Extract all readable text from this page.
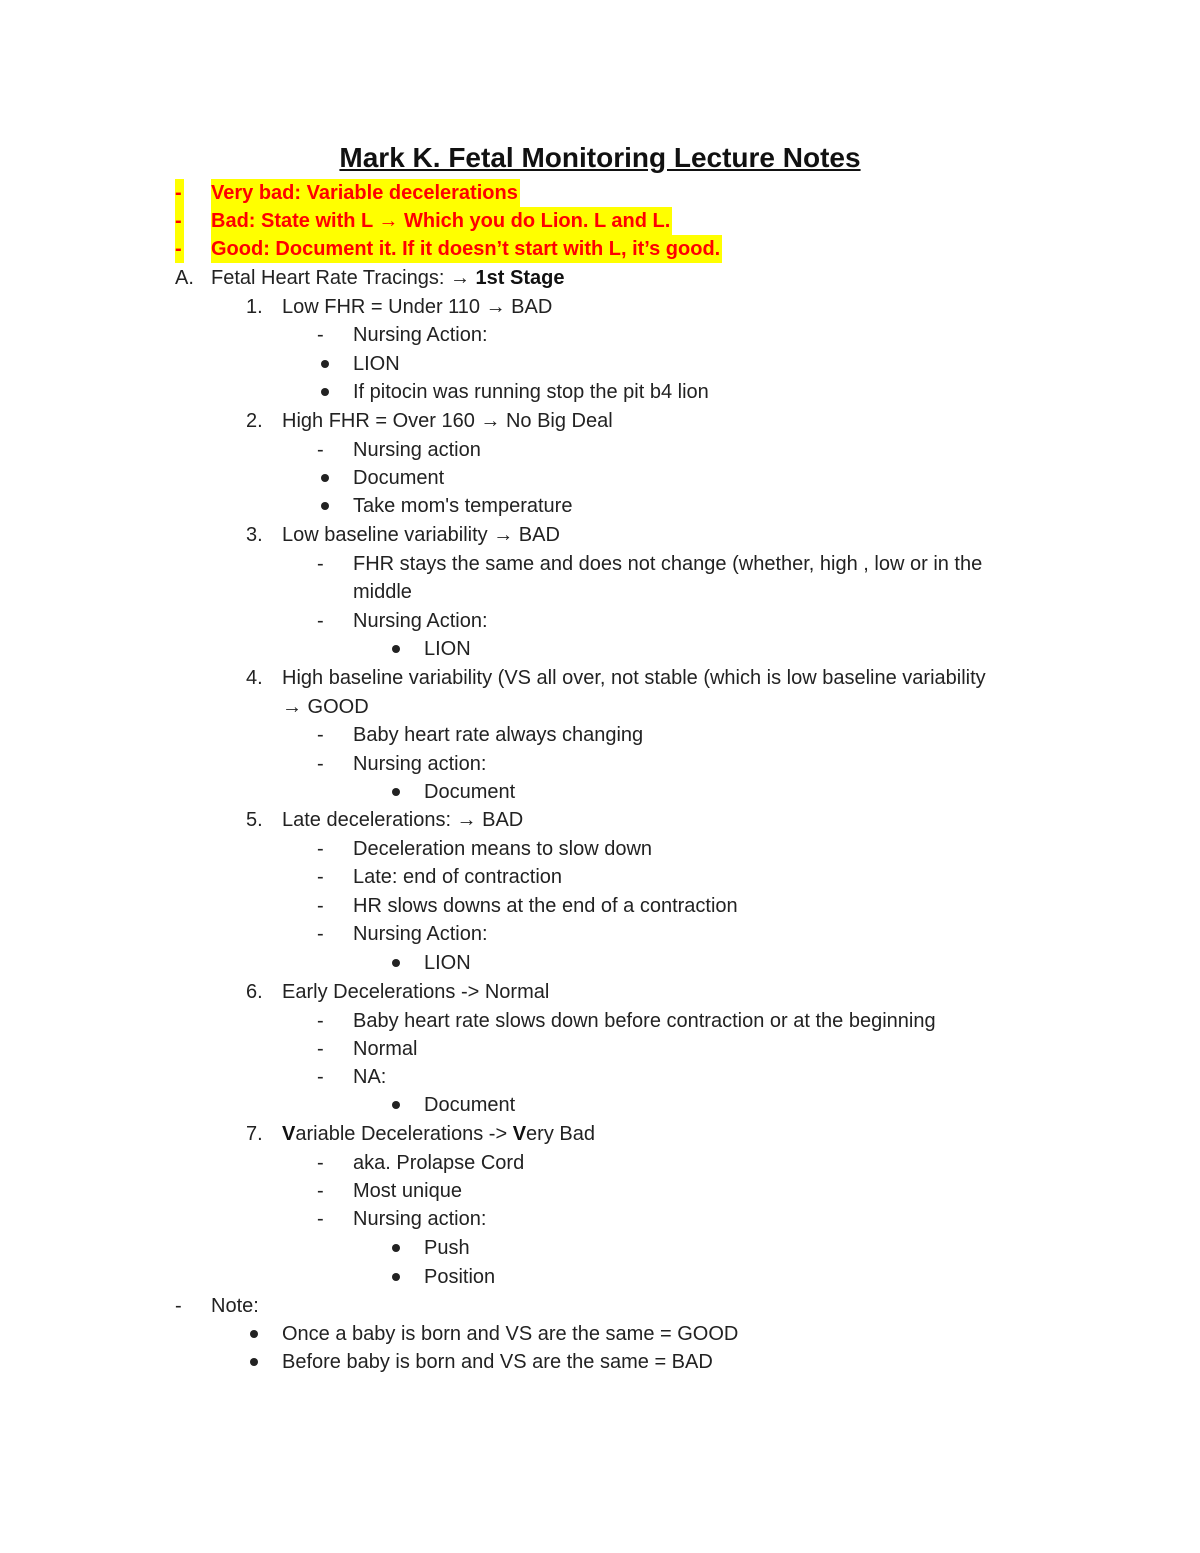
Mark K. Fetal Monitoring Lecture Notes
- Very bad: Variable decelerations
- Bad: State with L → Which you do Lion. L and L.
- Good: Document it. If it doesn’t start with L, it’s good.
A. Fetal Heart Rate Tracings: → 1st Stage
1. Low FHR = Under 110 → BAD
- Nursing Action:
LION
If pitocin was running stop the pit b4 lion
2. High FHR = Over 160 → No Big Deal
- Nursing action
Document
Take mom's temperature
3. Low baseline variability → BAD
- FHR stays the same and does not change (whether, high , low or in the
middle
- Nursing Action:
LION
4. High baseline variability (VS all over, not stable (which is low baseline variability
→ GOOD
- Baby heart rate always changing
- Nursing action:
Document
5. Late decelerations: → BAD
- Deceleration means to slow down
- Late: end of contraction
- HR slows downs at the end of a contraction
- Nursing Action:
LION
6. Early Decelerations -> Normal
- Baby heart rate slows down before contraction or at the beginning
- Normal
- NA:
Document
7. Variable Decelerations -> Very Bad
- aka. Prolapse Cord
- Most unique
- Nursing action:
Push
Position
- Note:
Once a baby is born and VS are the same = GOOD
Before baby is born and VS are the same = BAD
